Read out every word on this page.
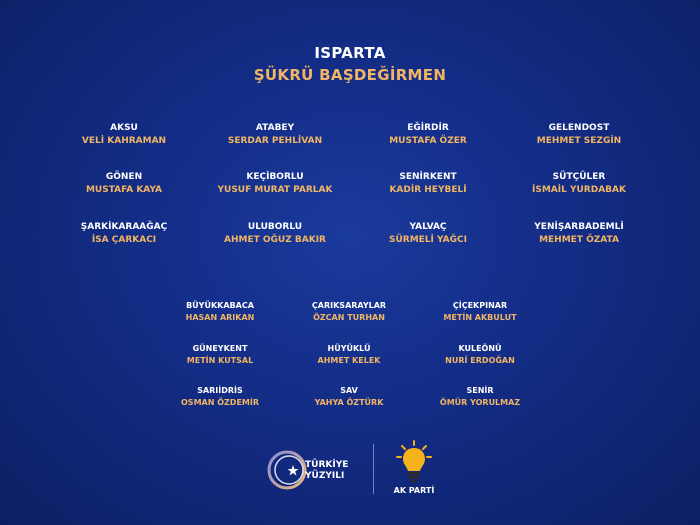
ISPARTA
ŞÜKRÜ BAŞDEĞİRMEN
AKSU
VELİ KAHRAMAN
ATABEY
SERDAR PEHLİVAN
EĞİRDİR
MUSTAFA ÖZER
GELENDOST
MEHMET SEZGİN
GÖNEN
MUSTAFA KAYA
KEÇİBORLU
YUSUF MURAT PARLAK
SENİRKENT
KADİR HEYBELİ
SÜTÇÜLER
İSMAİL YURDABAK
ŞARKİKARAAĞAÇ
İSA ÇARKACI
ULUBORLU
AHMET OĞUZ BAKIR
YALVAÇ
SÜRMELİ YAĞCI
YENİŞARBADEMLİ
MEHMET ÖZATA
BÜYÜKKABACA
HASAN ARIKAN
ÇARIKSARAYLAR
ÖZCAN TURHAN
ÇİÇEKPINAR
METİN AKBULUT
GÜNEYKENT
METİN KUTSAL
HÜYÜKLÜ
AHMET KELEK
KULEÖNÜ
NURİ ERDOĞAN
SARIİDRİS
OSMAN ÖZDEMİR
SAV
YAHYA ÖZTÜRK
SENİR
ÖMÜR YORULMAZ
TÜRKİYE
YÜZYILI
AK PARTİ
